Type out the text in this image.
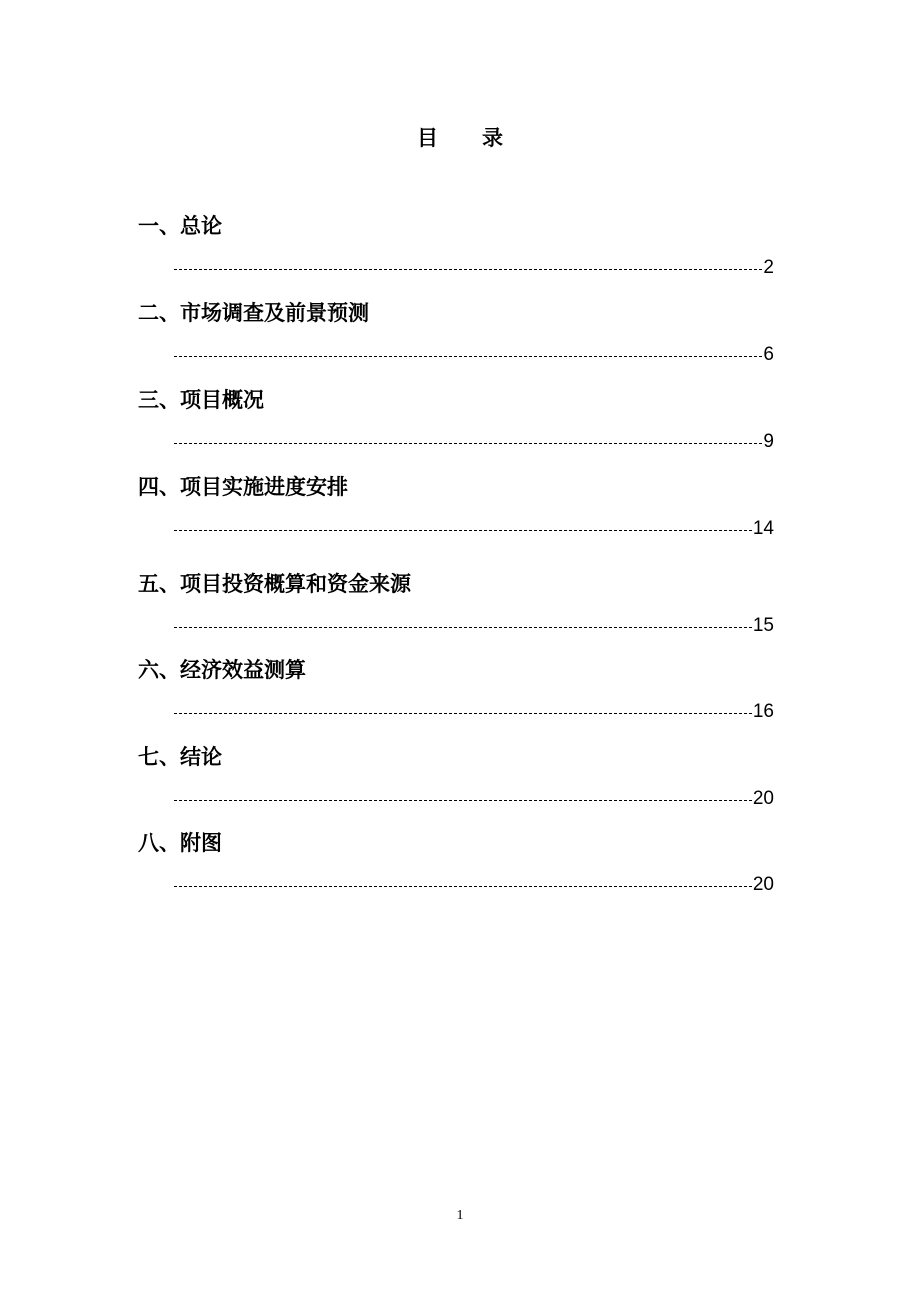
目 录
一、总论
2
二、市场调查及前景预测
6
三、项目概况
9
四、项目实施进度安排
14
五、项目投资概算和资金来源
15
六、经济效益测算
16
七、结论
20
八、附图
20
1
